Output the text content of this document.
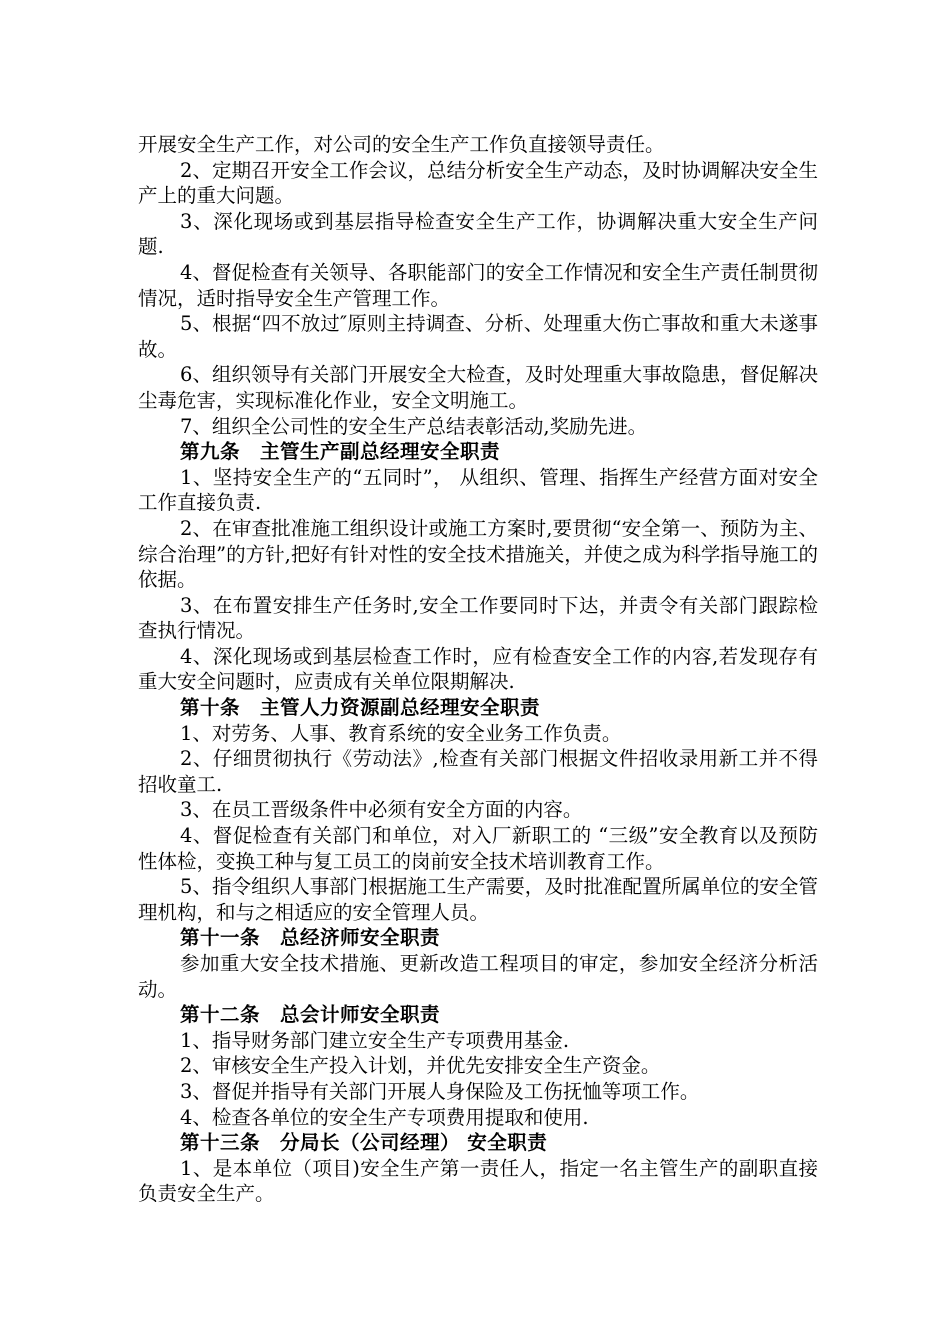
开展安全生产工作，对公司的安全生产工作负直接领导责任。

2、定期召开安全工作会议，总结分析安全生产动态，及时协调解决安全生产上的重大问题。

3、深化现场或到基层指导检查安全生产工作，协调解决重大安全生产问题.

4、督促检查有关领导、各职能部门的安全工作情况和安全生产责任制贯彻情况，适时指导安全生产管理工作。

5、根据“四不放过″原则主持调查、分析、处理重大伤亡事故和重大未遂事故。

6、组织领导有关部门开展安全大检查，及时处理重大事故隐患，督促解决尘毒危害，实现标准化作业，安全文明施工。

7、组织全公司性的安全生产总结表彰活动,奖励先进。

第九条　主管生产副总经理安全职责

1、坚持安全生产的“五同时”， 从组织、管理、指挥生产经营方面对安全工作直接负责.

2、在审查批准施工组织设计或施工方案时,要贯彻“安全第一、预防为主、综合治理”的方针,把好有针对性的安全技术措施关，并使之成为科学指导施工的依据。

3、在布置安排生产任务时,安全工作要同时下达，并责令有关部门跟踪检查执行情况。

4、深化现场或到基层检查工作时，应有检查安全工作的内容,若发现存有重大安全问题时，应责成有关单位限期解决.

第十条　主管人力资源副总经理安全职责

1、对劳务、人事、教育系统的安全业务工作负责。

2、仔细贯彻执行《劳动法》,检查有关部门根据文件招收录用新工并不得招收童工.

3、在员工晋级条件中必须有安全方面的内容。

4、督促检查有关部门和单位，对入厂新职工的 “三级”安全教育以及预防性体检，变换工种与复工员工的岗前安全技术培训教育工作。

5、指令组织人事部门根据施工生产需要，及时批准配置所属单位的安全管理机构，和与之相适应的安全管理人员。

第十一条　总经济师安全职责

参加重大安全技术措施、更新改造工程项目的审定，参加安全经济分析活动。

第十二条　总会计师安全职责

1、指导财务部门建立安全生产专项费用基金.

2、审核安全生产投入计划，并优先安排安全生产资金。

3、督促并指导有关部门开展人身保险及工伤抚恤等项工作。

4、检查各单位的安全生产专项费用提取和使用.

第十三条　分局长（公司经理） 安全职责

1、是本单位（项目)安全生产第一责任人，指定一名主管生产的副职直接负责安全生产。
